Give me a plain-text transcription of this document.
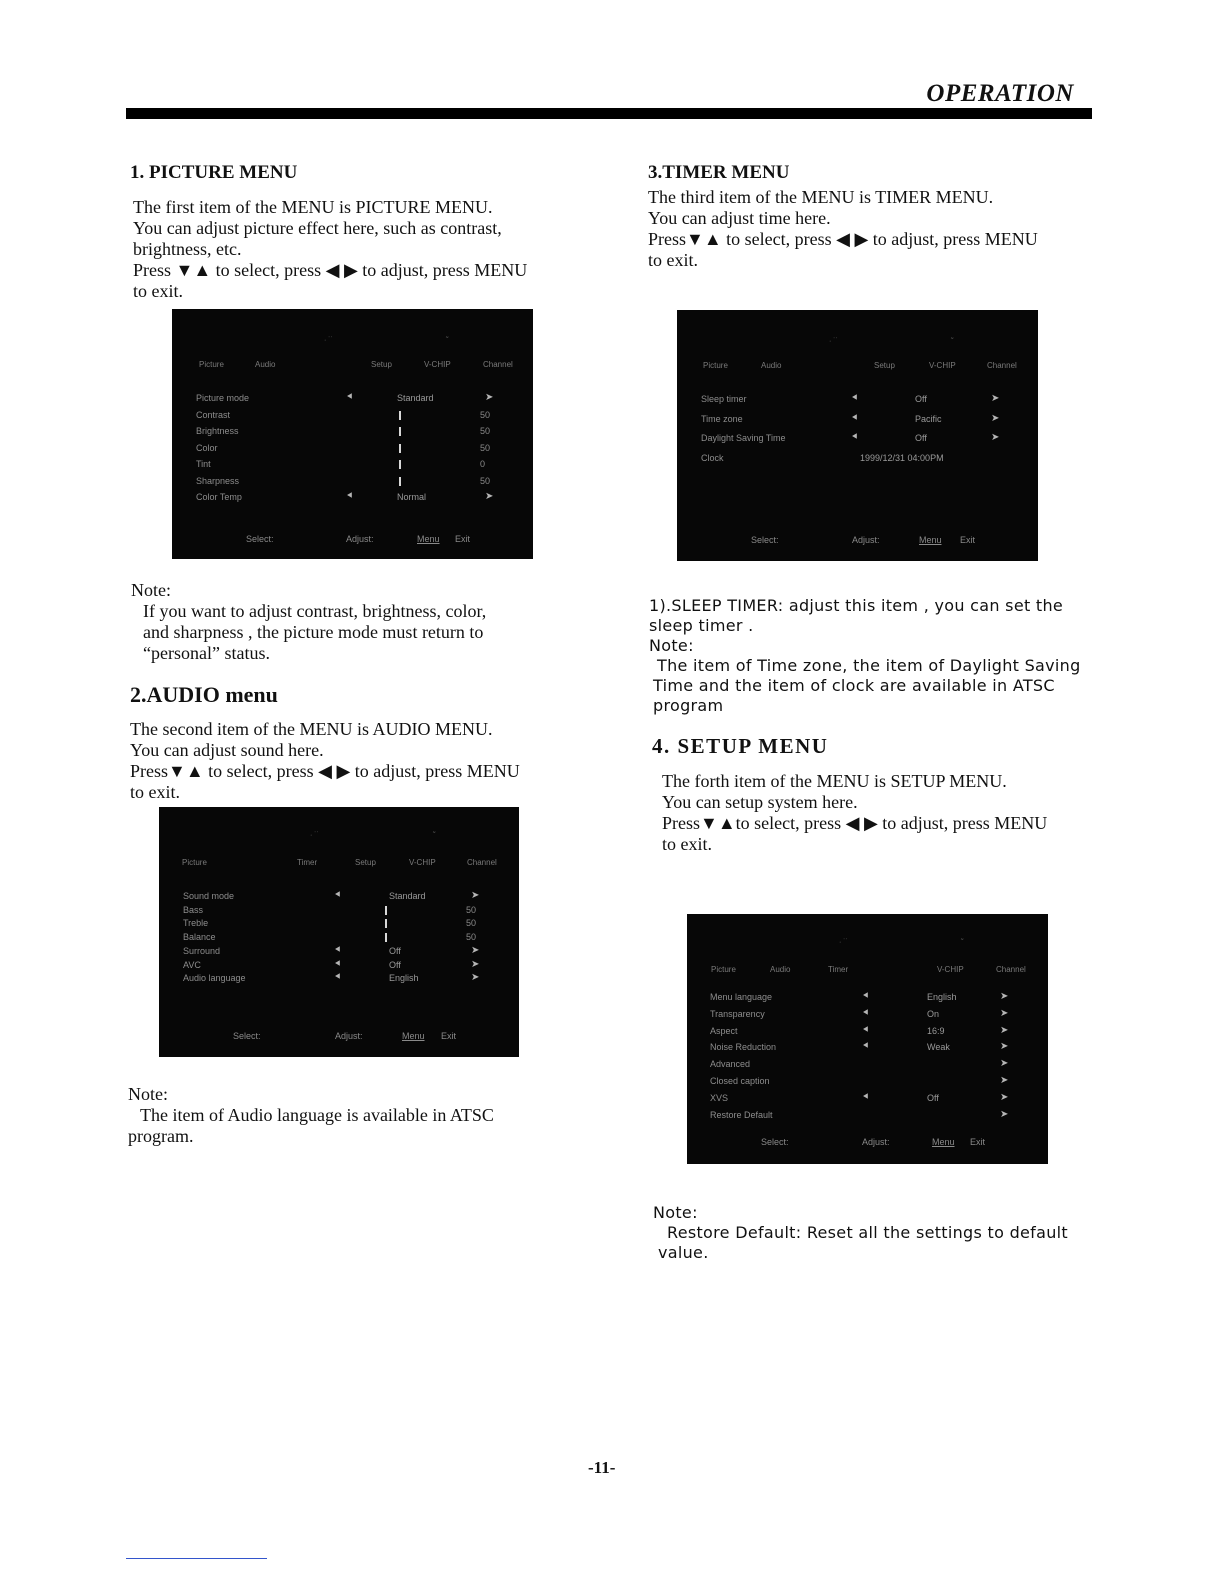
OPERATION
1. PICTURE MENU
The first item of the MENU is PICTURE MENU.
You can adjust picture effect here, such as contrast,
brightness, etc.
Press ▼▲ to select, press ◀ ▶ to adjust, press MENU
to exit.
· ˙˙	˜
Picture	Audio	Setup	V-CHIP	Channel
Picture mode	⯇	Standard	➤
Contrast	50
Brightness	50
Color	50
Tint	0
Sharpness	50
Color Temp	⯇	Normal	➤
Select:	Adjust:	Menu Exit
Note:
If you want to adjust contrast, brightness, color,
and sharpness , the picture mode must return to
“personal” status.
2.AUDIO menu
The second item of the MENU is AUDIO MENU.
You can adjust sound here.
Press▼▲ to select, press ◀ ▶ to adjust, press MENU
to exit.
· ˙˙	˜
Picture	Timer	Setup	V-CHIP	Channel
Sound mode	⯇	Standard	➤
Bass	50
Treble	50
Balance	50
Surround	⯇	Off	➤
AVC	⯇	Off	➤
Audio language	⯇	English	➤
Select:	Adjust:	Menu Exit
Note:
The item of Audio language is available in ATSC
program.
3.TIMER MENU
The third item of the MENU is TIMER MENU.
You can adjust time here.
Press▼▲ to select, press ◀ ▶ to adjust, press MENU
to exit.
· ˙˙	˜
Picture	Audio	Setup	V-CHIP	Channel
Sleep timer	⯇	Off	➤
Time zone	⯇	Pacific	➤
Daylight Saving Time	⯇	Off	➤
Clock	1999/12/31 04:00PM
Select:	Adjust:	Menu Exit
1).SLEEP TIMER: adjust this item , you can set the
sleep timer .
Note:
The item of Time zone, the item of Daylight Saving
Time and the item of clock are available in ATSC
program
4. SETUP MENU
The forth item of the MENU is SETUP MENU.
You can setup system here.
Press▼▲to select, press ◀ ▶ to adjust, press MENU
to exit.
· ˙˙	˜
Picture	Audio	Timer	V-CHIP	Channel
Menu language	⯇	English	➤
Transparency	⯇	On	➤
Aspect	⯇	16:9	➤
Noise Reduction	⯇	Weak	➤
Advanced	➤
Closed caption	➤
XVS	⯇	Off	➤
Restore Default	➤
Select:	Adjust:	Menu Exit
Note:
Restore Default: Reset all the settings to default
value.
-11-
